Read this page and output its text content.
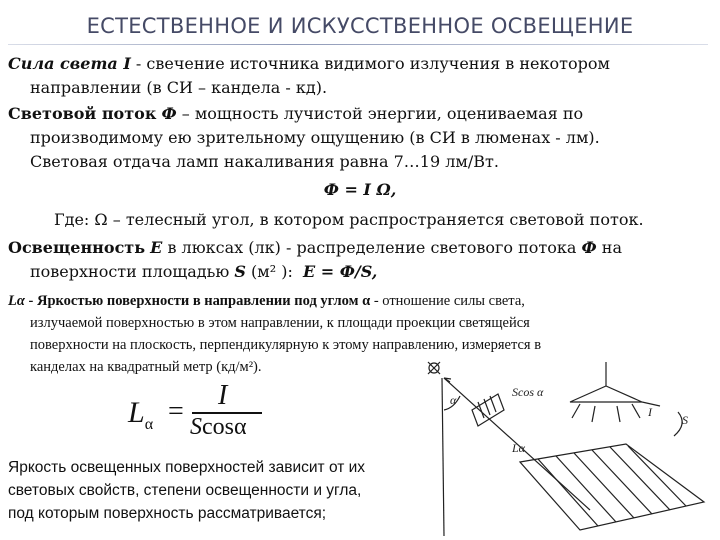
ЕСТЕСТВЕННОЕ И ИСКУССТВЕННОЕ ОСВЕЩЕНИЕ
Сила света I - свечение источника видимого излучения в некотором
направлении (в СИ – кандела - кд).
Световой поток Ф – мощность лучистой энергии, оцениваемая по
производимому ею зрительному ощущению (в СИ в люменах - лм).
Световая отдача ламп накаливания равна 7…19 лм/Вт.
Ф = I Ω,
Где: Ω – телесный угол, в котором распространяется световой поток.
Освещенность Е в люксах (лк) - распределение светового потока Ф на
поверхности площадью S (м² ): Е = Ф/S,
Lα - Яркостью поверхности в направлении под углом α - отношение силы света,
излучаемой поверхностью в этом направлении, к площади проекции светящейся
поверхности на плоскость, перпендикулярную к этому направлению, измеряется в
канделах на квадратный метр (кд/м²).
$L_\alpha$ =
I
Scosα
Яркость освещенных поверхностей зависит от их
световых свойств, степени освещенности и угла,
под которым поверхность рассматривается;
α
Scos α
I
Lα
S
